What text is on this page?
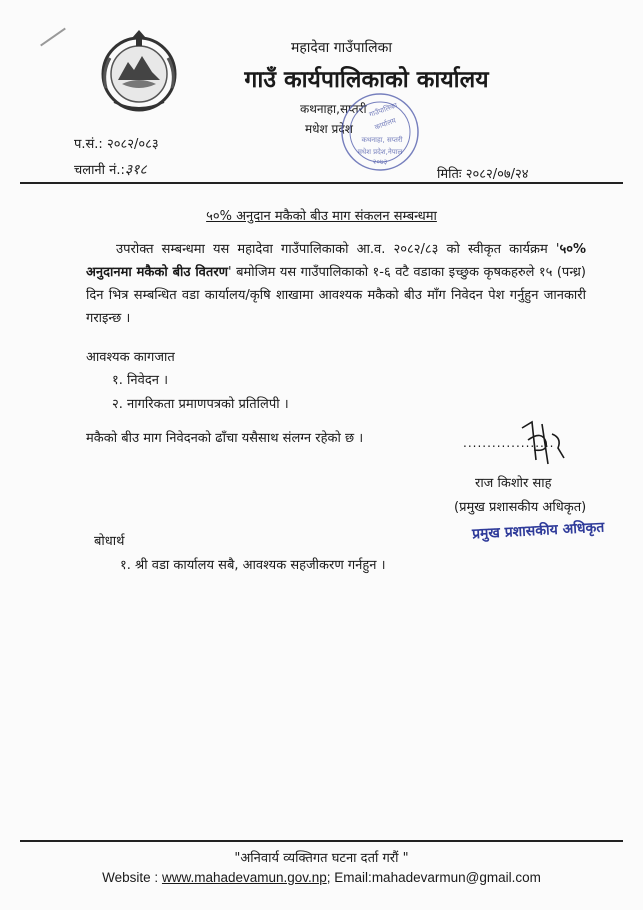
महादेवा गाउँपालिका
गाउँ कार्यपालिकाको कार्यालय
कथनाहा,सप्तरी
मधेश प्रदेश
गाउँपालिका
कार्यालय
कथनाहा, सप्तरी
मधेश प्रदेश,नेपाल
२०७३
प.सं.: २०८२/०८३
चलानी नं.:३१८	मितिः २०८२/०७/२४
५०% अनुदान मकैको बीउ माग संकलन सम्बन्धमा
उपरोक्त सम्बन्धमा यस महादेवा गाउँपालिकाको आ.व. २०८२/८३ को स्वीकृत कार्यक्रम '५०% अनुदानमा मकैको बीउ वितरण' बमोजिम यस गाउँपालिकाको १-६ वटै वडाका इच्छुक कृषकहरुले १५ (पन्ध्र) दिन भित्र सम्बन्धित वडा कार्यालय/कृषि शाखामा आवश्यक मकैको बीउ माँग निवेदन पेश गर्नुहुन जानकारी गराइन्छ ।
आवश्यक कागजात
१. निवेदन ।
२. नागरिकता प्रमाणपत्रको प्रतिलिपी ।
मकैको बीउ माग निवेदनको ढाँचा यसैसाथ संलग्न रहेको छ ।	...................
राज किशोर साह
(प्रमुख प्रशासकीय अधिकृत)
प्रमुख प्रशासकीय अधिकृत
बोधार्थ
१. श्री वडा कार्यालय सबै, आवश्यक सहजीकरण गर्नहुन ।
"अनिवार्य व्यक्तिगत घटना दर्ता गरौं "
Website : www.mahadevamun.gov.np; Email:mahadevarmun@gmail.com
